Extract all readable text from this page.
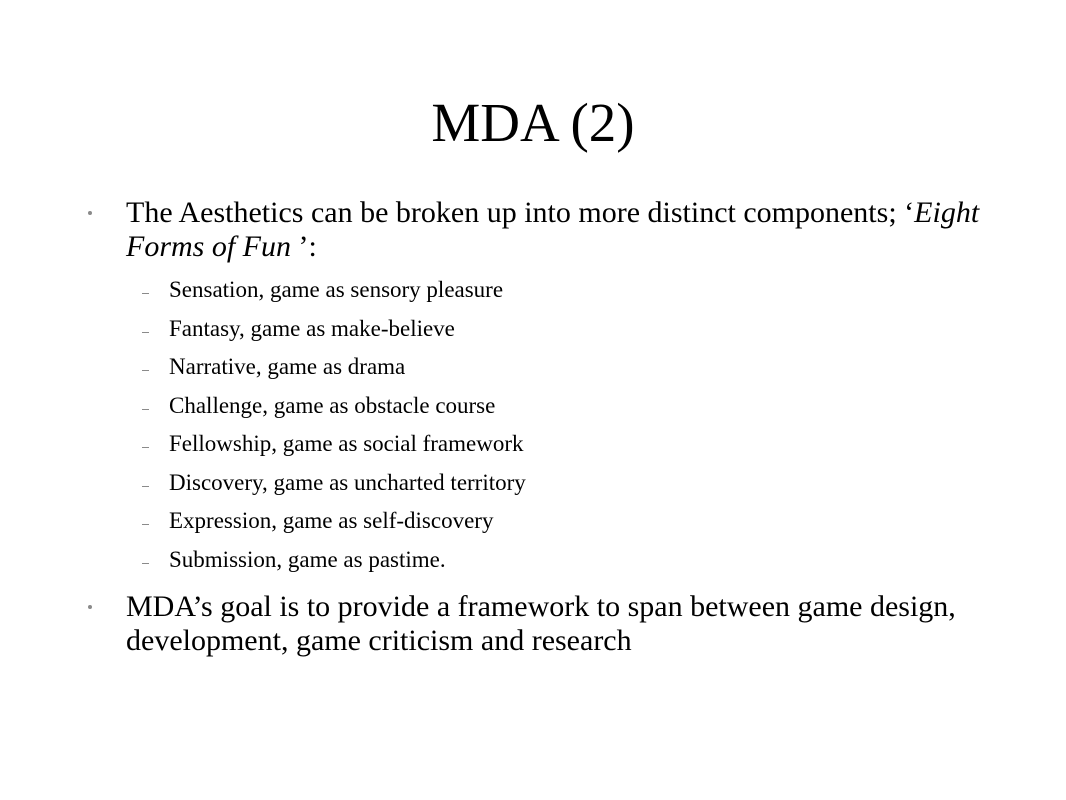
MDA (2)

The Aesthetics can be broken up into more distinct components; ‘Eight Forms of Fun ’:

Sensation, game as sensory pleasure
Fantasy, game as make-believe
Narrative, game as drama
Challenge, game as obstacle course
Fellowship, game as social framework
Discovery, game as uncharted territory
Expression, game as self-discovery
Submission, game as pastime.

MDA’s goal is to provide a framework to span between game design, development, game criticism and research
